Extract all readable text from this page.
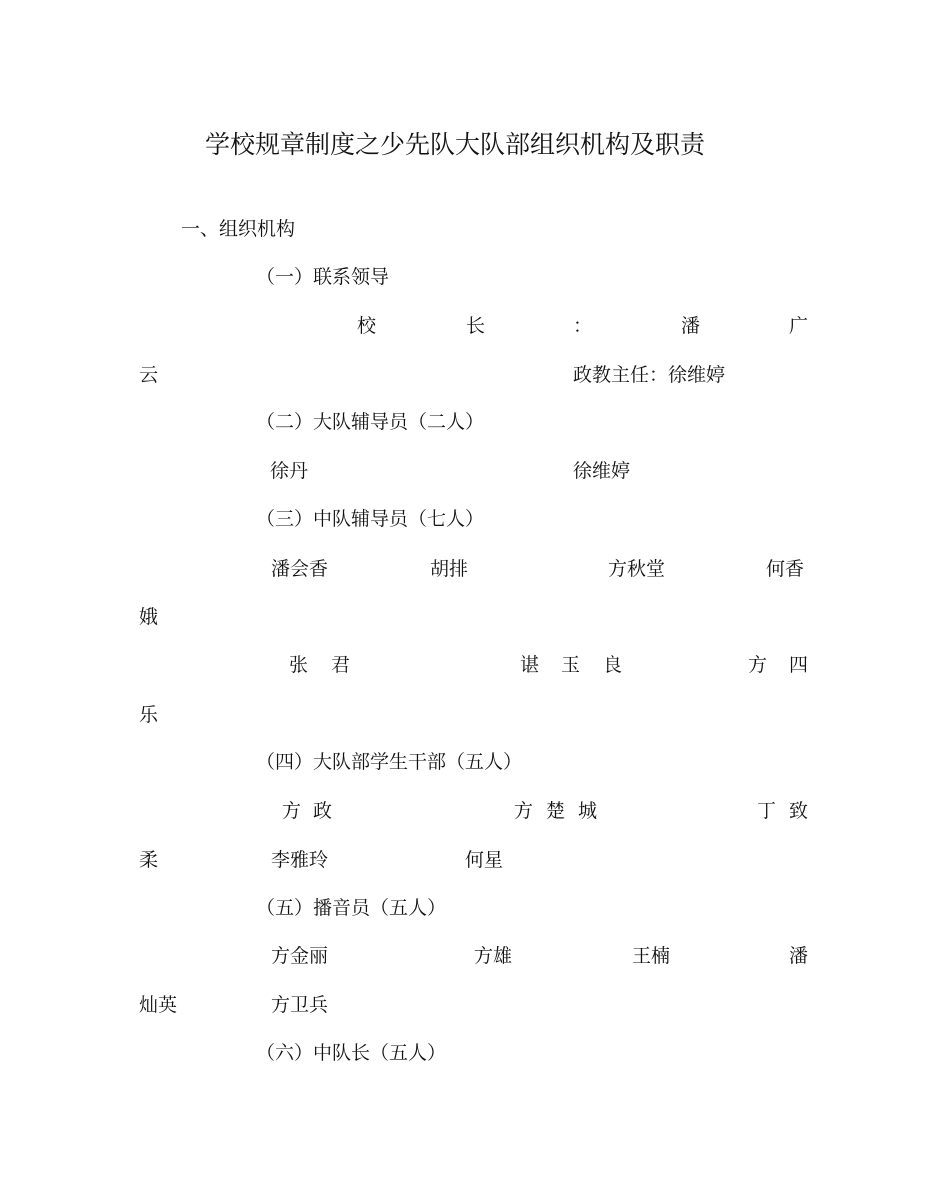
学校规章制度之少先队大队部组织机构及职责
一、组织机构
（一）联系领导
校	长	：	潘	广
云	政教主任：徐维婷
（二）大队辅导员（二人）
徐丹	徐维婷
（三）中队辅导员（七人）
潘会香	胡排	方秋堂	何香
娥
张 君	谌 玉 良	方 四
乐
（四）大队部学生干部（五人）
方 政	方 楚 城	丁 致
柔	李雅玲	何星
（五）播音员（五人）
方金丽	方雄	王楠	潘
灿英	方卫兵
（六）中队长（五人）
